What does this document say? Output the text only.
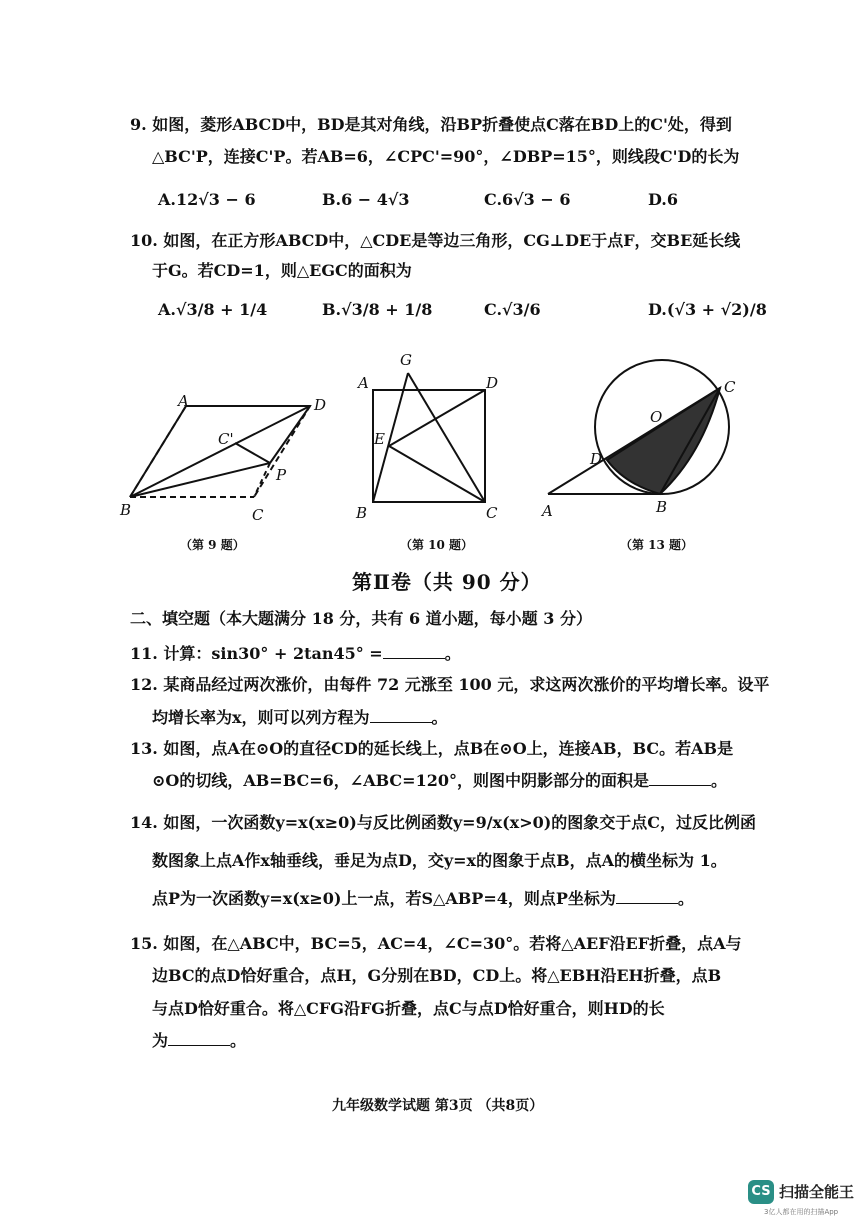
9. 如图，菱形ABCD中，BD是其对角线，沿BP折叠使点C落在BD上的C'处，得到
△BC'P，连接C'P。若AB=6，∠CPC'=90°，∠DBP=15°，则线段C'D的长为
A.12√3 − 6	B.6 − 4√3	C.6√3 − 6	D.6
10. 如图，在正方形ABCD中，△CDE是等边三角形，CG⊥DE于点F，交BE延长线
于G。若CD=1，则△EGC的面积为
A.√3/8 + 1/4	B.√3/8 + 1/8	C.√3/6	D.(√3 + √2)/8
A	D
C'
P
B	C
G
A	D
E
B	C
C
O
D
A	B
（第 9 题）	（第 10 题）	（第 13 题）
第Ⅱ卷（共 90 分）
二、填空题（本大题满分 18 分，共有 6 道小题，每小题 3 分）
11. 计算：sin30° + 2tan45° =	。
12. 某商品经过两次涨价，由每件 72 元涨至 100 元，求这两次涨价的平均增长率。设平
均增长率为x，则可以列方程为	。
13. 如图，点A在⊙O的直径CD的延长线上，点B在⊙O上，连接AB，BC。若AB是
⊙O的切线，AB=BC=6，∠ABC=120°，则图中阴影部分的面积是	。
14. 如图，一次函数y=x(x≥0)与反比例函数y=9/x(x>0)的图象交于点C，过反比例函
数图象上点A作x轴垂线，垂足为点D，交y=x的图象于点B，点A的横坐标为 1。
点P为一次函数y=x(x≥0)上一点，若S△ABP=4，则点P坐标为	。
15. 如图，在△ABC中，BC=5，AC=4，∠C=30°。若将△AEF沿EF折叠，点A与
边BC的点D恰好重合，点H，G分别在BD，CD上。将△EBH沿EH折叠，点B
与点D恰好重合。将△CFG沿FG折叠，点C与点D恰好重合，则HD的长
为	。
九年级数学试题 第3页 （共8页）
CS 扫描全能王
3亿人都在用的扫描App
